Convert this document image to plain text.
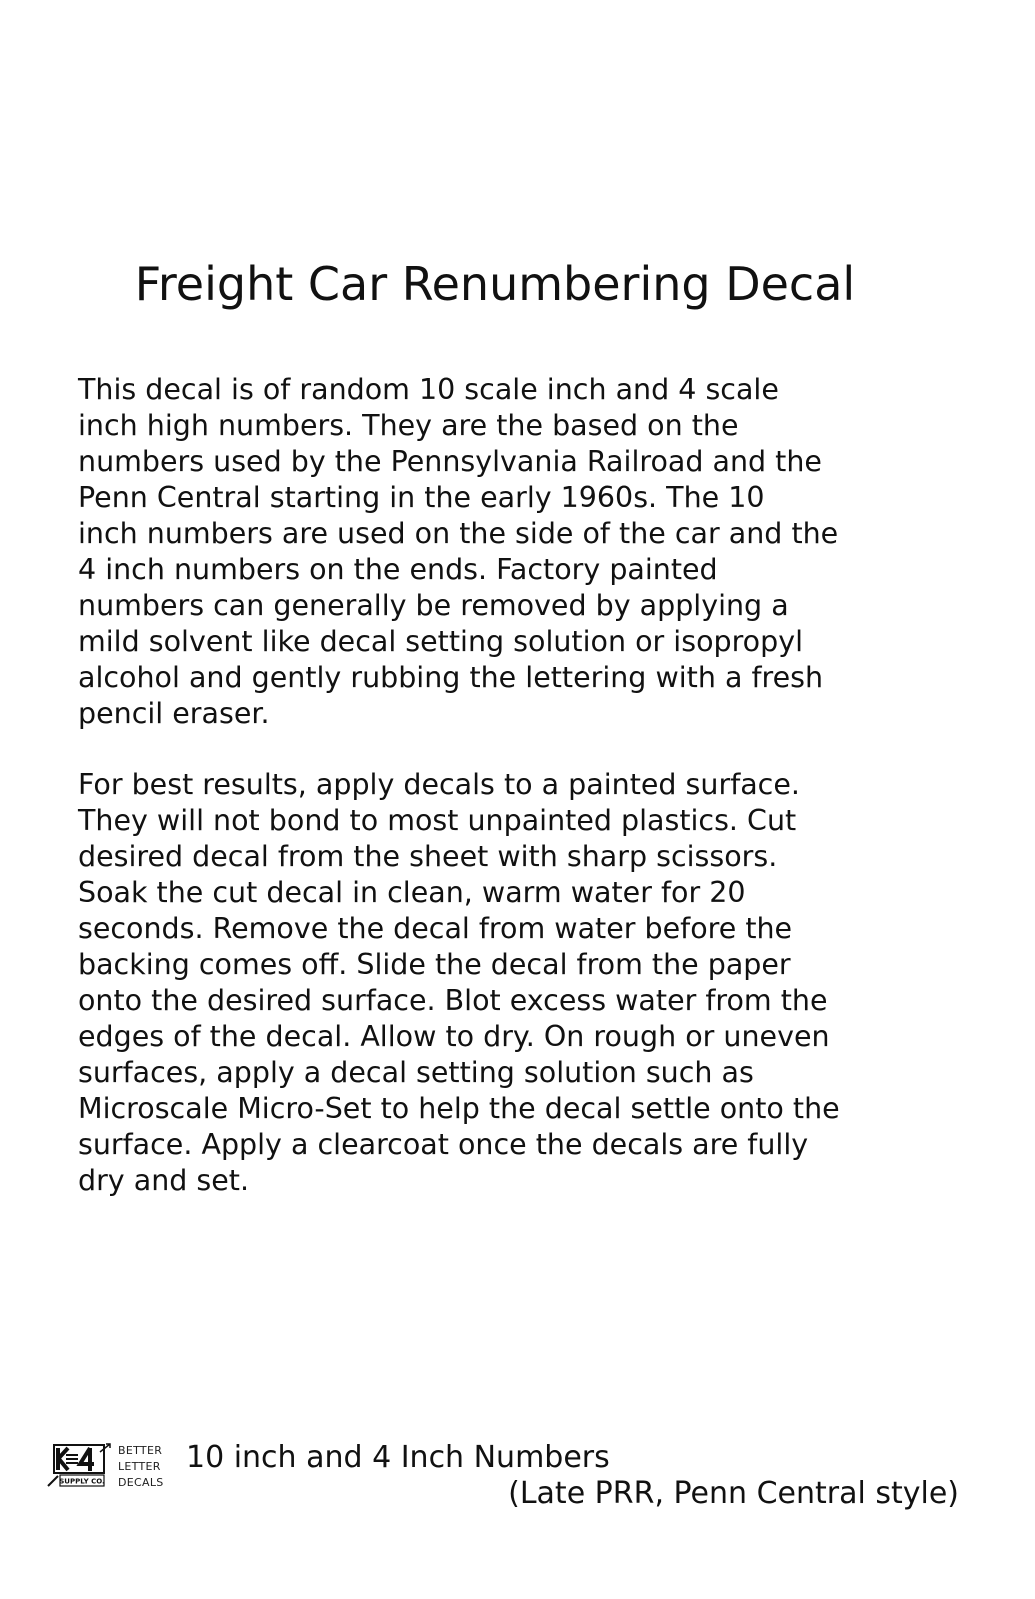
Freight Car Renumbering Decal

This decal is of random 10 scale inch and 4 scale
inch high numbers. They are the based on the
numbers used by the Pennsylvania Railroad and the
Penn Central starting in the early 1960s. The 10
inch numbers are used on the side of the car and the
4 inch numbers on the ends. Factory painted
numbers can generally be removed by applying a
mild solvent like decal setting solution or isopropyl
alcohol and gently rubbing the lettering with a fresh
pencil eraser.

For best results, apply decals to a painted surface.
They will not bond to most unpainted plastics. Cut
desired decal from the sheet with sharp scissors.
Soak the cut decal in clean, warm water for 20
seconds. Remove the decal from water before the
backing comes off. Slide the decal from the paper
onto the desired surface. Blot excess water from the
edges of the decal. Allow to dry. On rough or uneven
surfaces, apply a decal setting solution such as
Microscale Micro-Set to help the decal settle onto the
surface. Apply a clearcoat once the decals are fully
dry and set.

SUPPLY CO.
BETTER
LETTER
DECALS

10 inch and 4 Inch Numbers

(Late PRR, Penn Central style)
